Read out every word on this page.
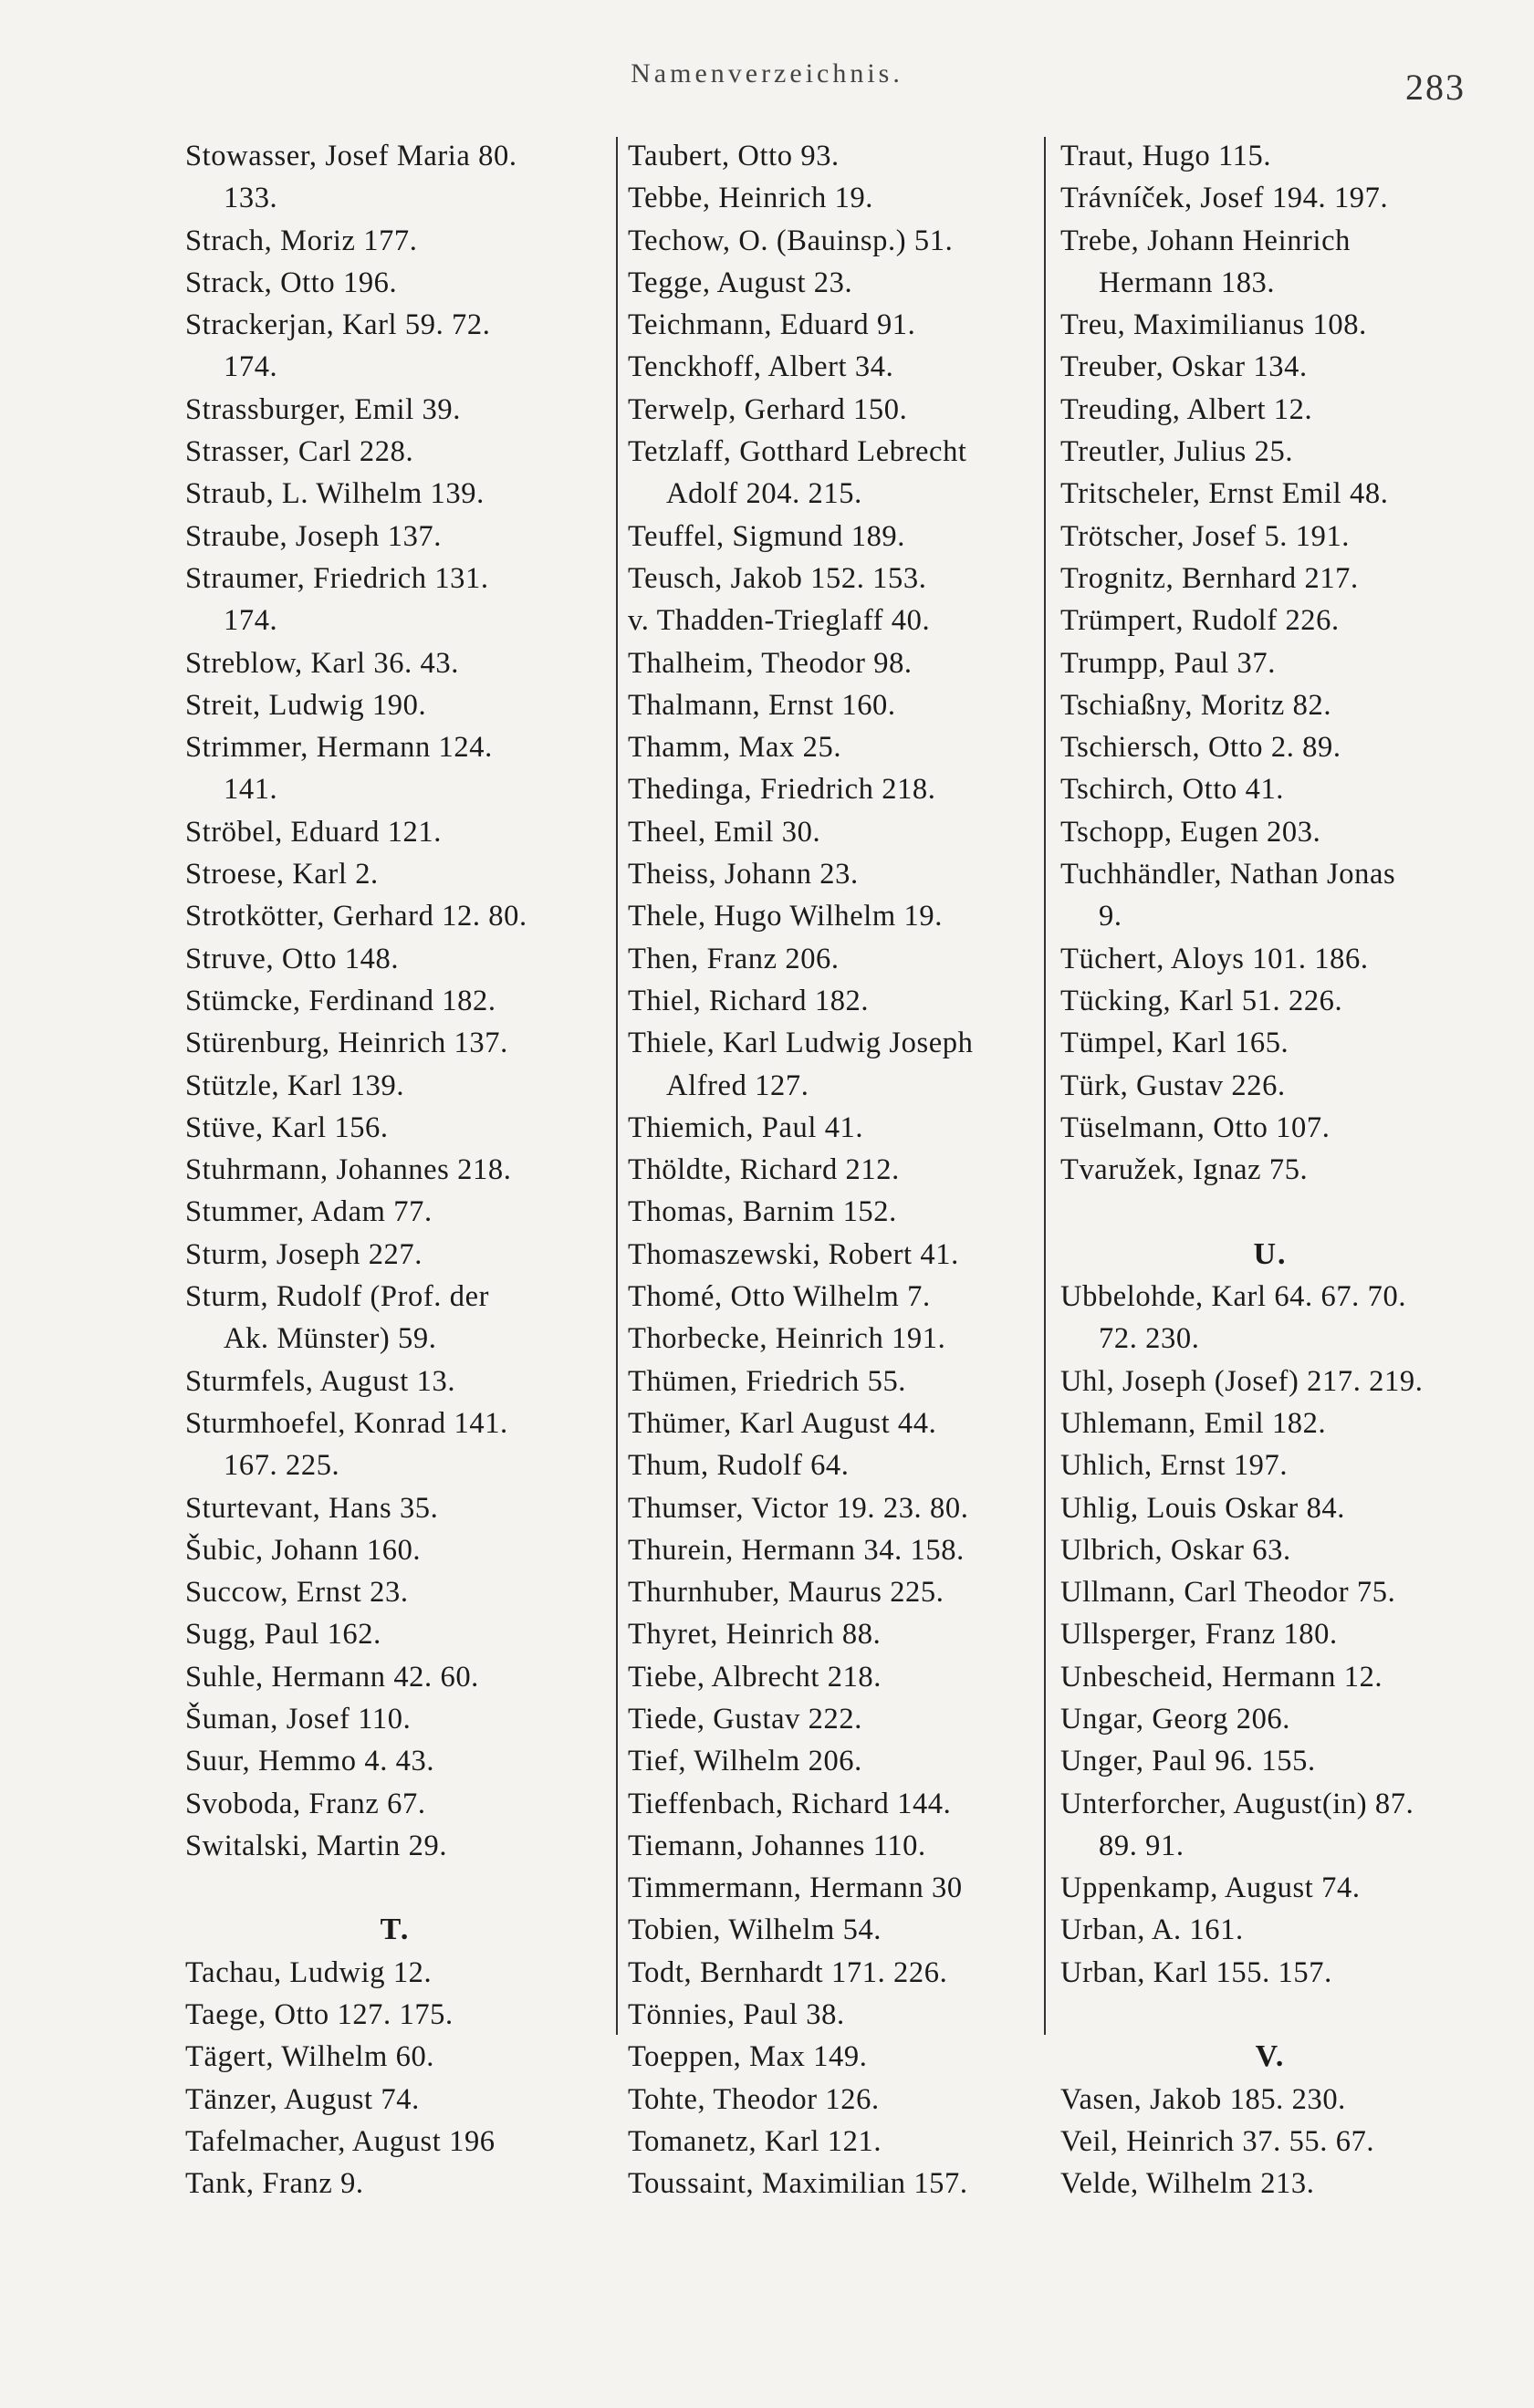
Namenverzeichnis.	283
Stowasser, Josef Maria 80.
133.
Strach, Moriz 177.
Strack, Otto 196.
Strackerjan, Karl 59. 72.
174.
Strassburger, Emil 39.
Strasser, Carl 228.
Straub, L. Wilhelm 139.
Straube, Joseph 137.
Straumer, Friedrich 131.
174.
Streblow, Karl 36. 43.
Streit, Ludwig 190.
Strimmer, Hermann 124.
141.
Ströbel, Eduard 121.
Stroese, Karl 2.
Strotkötter, Gerhard 12. 80.
Struve, Otto 148.
Stümcke, Ferdinand 182.
Stürenburg, Heinrich 137.
Stützle, Karl 139.
Stüve, Karl 156.
Stuhrmann, Johannes 218.
Stummer, Adam 77.
Sturm, Joseph 227.
Sturm, Rudolf (Prof. der
Ak. Münster) 59.
Sturmfels, August 13.
Sturmhoefel, Konrad 141.
167. 225.
Sturtevant, Hans 35.
Šubic, Johann 160.
Succow, Ernst 23.
Sugg, Paul 162.
Suhle, Hermann 42. 60.
Šuman, Josef 110.
Suur, Hemmo 4. 43.
Svoboda, Franz 67.
Switalski, Martin 29.
T.
Tachau, Ludwig 12.
Taege, Otto 127. 175.
Tägert, Wilhelm 60.
Tänzer, August 74.
Tafelmacher, August 196
Tank, Franz 9.
Taubert, Otto 93.
Tebbe, Heinrich 19.
Techow, O. (Bauinsp.) 51.
Tegge, August 23.
Teichmann, Eduard 91.
Tenckhoff, Albert 34.
Terwelp, Gerhard 150.
Tetzlaff, Gotthard Lebrecht
Adolf 204. 215.
Teuffel, Sigmund 189.
Teusch, Jakob 152. 153.
v. Thadden-Trieglaff 40.
Thalheim, Theodor 98.
Thalmann, Ernst 160.
Thamm, Max 25.
Thedinga, Friedrich 218.
Theel, Emil 30.
Theiss, Johann 23.
Thele, Hugo Wilhelm 19.
Then, Franz 206.
Thiel, Richard 182.
Thiele, Karl Ludwig Joseph
Alfred 127.
Thiemich, Paul 41.
Thöldte, Richard 212.
Thomas, Barnim 152.
Thomaszewski, Robert 41.
Thomé, Otto Wilhelm 7.
Thorbecke, Heinrich 191.
Thümen, Friedrich 55.
Thümer, Karl August 44.
Thum, Rudolf 64.
Thumser, Victor 19. 23. 80.
Thurein, Hermann 34. 158.
Thurnhuber, Maurus 225.
Thyret, Heinrich 88.
Tiebe, Albrecht 218.
Tiede, Gustav 222.
Tief, Wilhelm 206.
Tieffenbach, Richard 144.
Tiemann, Johannes 110.
Timmermann, Hermann 30
Tobien, Wilhelm 54.
Todt, Bernhardt 171. 226.
Tönnies, Paul 38.
Toeppen, Max 149.
Tohte, Theodor 126.
Tomanetz, Karl 121.
Toussaint, Maximilian 157.
Traut, Hugo 115.
Trávníček, Josef 194. 197.
Trebe, Johann Heinrich
Hermann 183.
Treu, Maximilianus 108.
Treuber, Oskar 134.
Treuding, Albert 12.
Treutler, Julius 25.
Tritscheler, Ernst Emil 48.
Trötscher, Josef 5. 191.
Trognitz, Bernhard 217.
Trümpert, Rudolf 226.
Trumpp, Paul 37.
Tschiaßny, Moritz 82.
Tschiersch, Otto 2. 89.
Tschirch, Otto 41.
Tschopp, Eugen 203.
Tuchhändler, Nathan Jonas
9.
Tüchert, Aloys 101. 186.
Tücking, Karl 51. 226.
Tümpel, Karl 165.
Türk, Gustav 226.
Tüselmann, Otto 107.
Tvaružek, Ignaz 75.
U.
Ubbelohde, Karl 64. 67. 70.
72. 230.
Uhl, Joseph (Josef) 217. 219.
Uhlemann, Emil 182.
Uhlich, Ernst 197.
Uhlig, Louis Oskar 84.
Ulbrich, Oskar 63.
Ullmann, Carl Theodor 75.
Ullsperger, Franz 180.
Unbescheid, Hermann 12.
Ungar, Georg 206.
Unger, Paul 96. 155.
Unterforcher, August(in) 87.
89. 91.
Uppenkamp, August 74.
Urban, A. 161.
Urban, Karl 155. 157.
V.
Vasen, Jakob 185. 230.
Veil, Heinrich 37. 55. 67.
Velde, Wilhelm 213.
